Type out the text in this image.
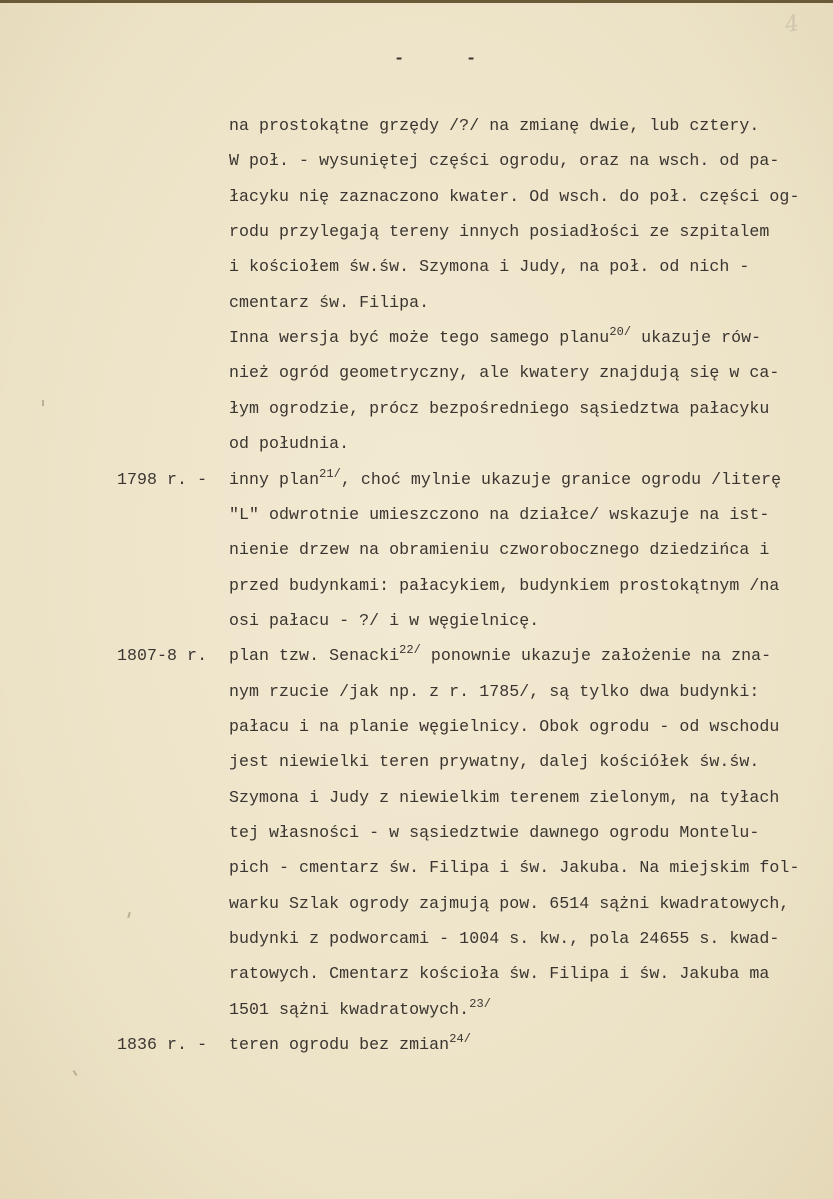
-	-
4
na prostokątne grzędy /?/ na zmianę dwie, lub cztery.
W poł. - wysuniętej części ogrodu, oraz na wsch. od pa-
łacyku nię zaznaczono kwater. Od wsch. do poł. części og-
rodu przylegają tereny innych posiadłości ze szpitalem
i kościołem św.św. Szymona i Judy, na poł. od nich -
cmentarz św. Filipa.
Inna wersja być może tego samego planu$^{20/}$ ukazuje rów-
nież ogród geometryczny, ale kwatery znajdują się w ca-
łym ogrodzie, prócz bezpośredniego sąsiedztwa pałacyku
od południa.
1798 r. - inny plan$^{21/}$, choć mylnie ukazuje granice ogrodu /literę
"L" odwrotnie umieszczono na działce/ wskazuje na ist-
nienie drzew na obramieniu czworobocznego dziedzińca i
przed budynkami: pałacykiem, budynkiem prostokątnym /na
osi pałacu - ?/ i w węgielnicę.
1807-8 r. plan tzw. Senacki$^{22/}$ ponownie ukazuje założenie na zna-
nym rzucie /jak np. z r. 1785/, są tylko dwa budynki:
pałacu i na planie węgielnicy. Obok ogrodu - od wschodu
jest niewielki teren prywatny, dalej kościółek św.św.
Szymona i Judy z niewielkim terenem zielonym, na tyłach
tej własności - w sąsiedztwie dawnego ogrodu Montelu-
pich - cmentarz św. Filipa i św. Jakuba. Na miejskim fol-
warku Szlak ogrody zajmują pow. 6514 sążni kwadratowych,
budynki z podworcami - 1004 s. kw., pola 24655 s. kwad-
ratowych. Cmentarz kościoła św. Filipa i św. Jakuba ma
1501 sążni kwadratowych.$^{23/}$
1836 r. - teren ogrodu bez zmian$^{24/}$
